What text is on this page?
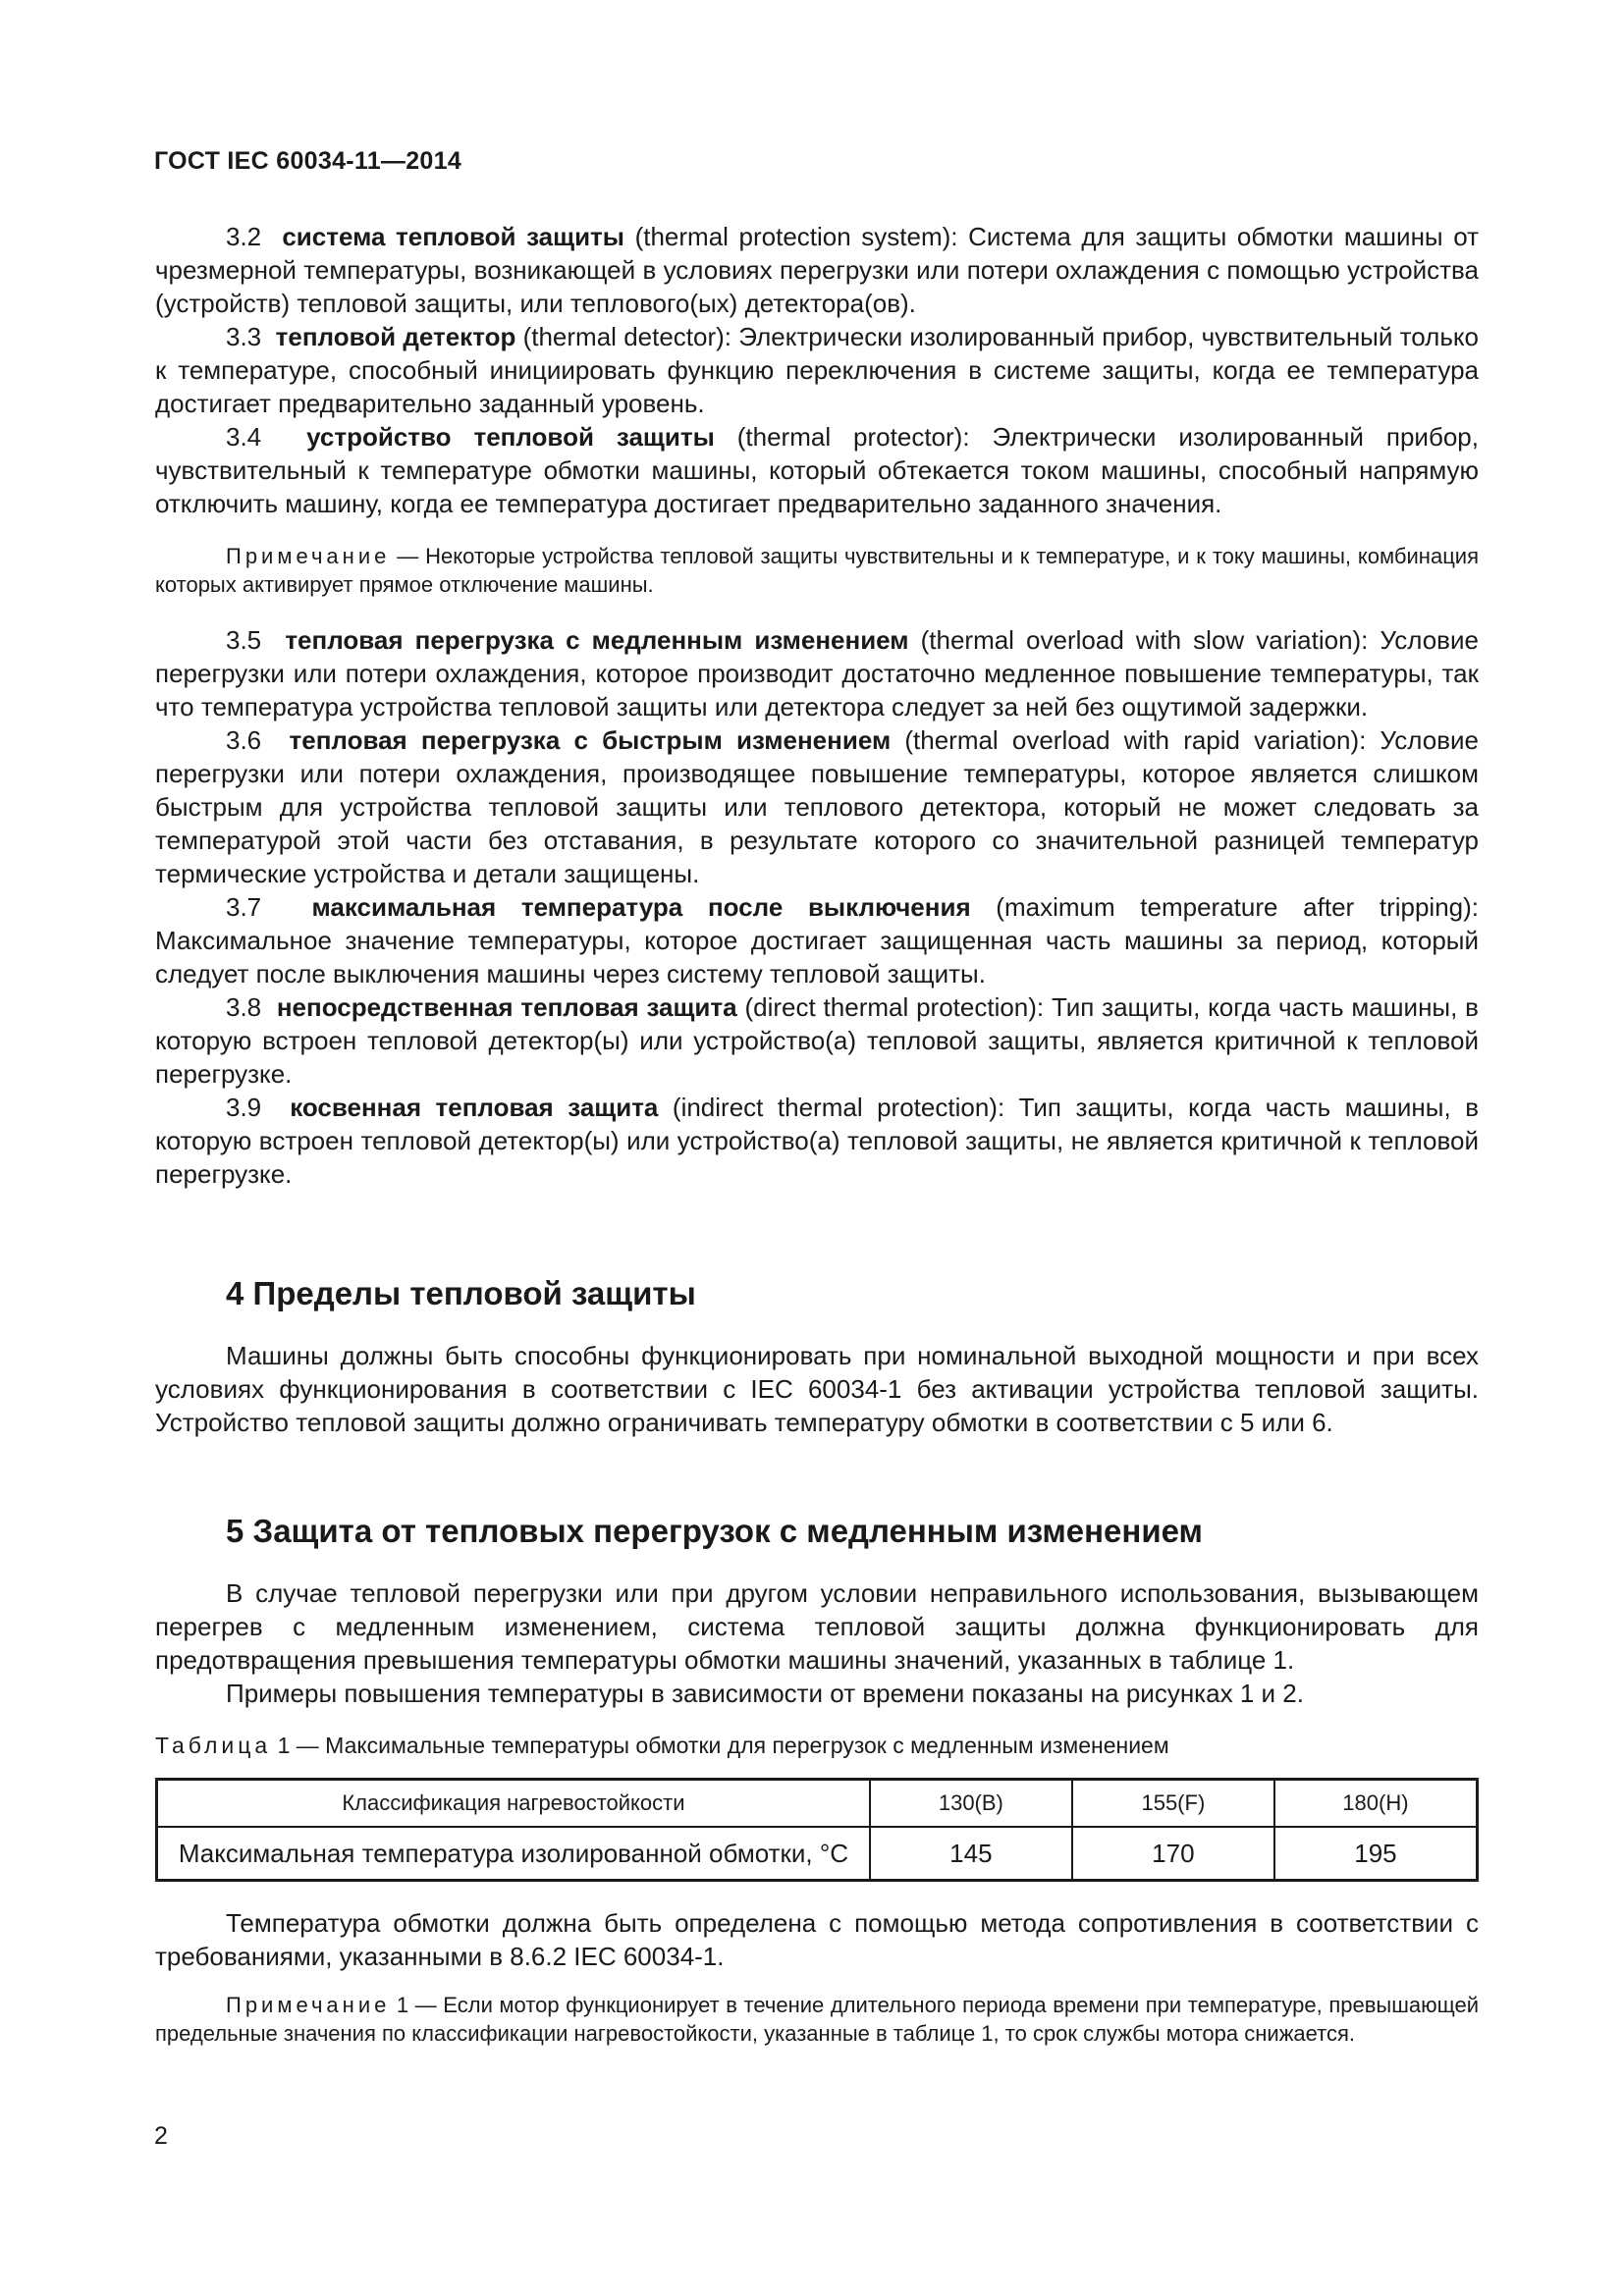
ГОСТ IEC 60034-11—2014

3.2 система тепловой защиты (thermal protection system): Система для защиты обмотки машины от чрезмерной температуры, возникающей в условиях перегрузки или потери охлаждения с помощью устройства (устройств) тепловой защиты, или теплового(ых) детектора(ов).

3.3 тепловой детектор (thermal detector): Электрически изолированный прибор, чувствительный только к температуре, способный инициировать функцию переключения в системе защиты, когда ее температура достигает предварительно заданный уровень.

3.4 устройство тепловой защиты (thermal protector): Электрически изолированный прибор, чувствительный к температуре обмотки машины, который обтекается током машины, способный напрямую отключить машину, когда ее температура достигает предварительно заданного значения.

Примечание — Некоторые устройства тепловой защиты чувствительны и к температуре, и к току машины, комбинация которых активирует прямое отключение машины.

3.5 тепловая перегрузка с медленным изменением (thermal overload with slow variation): Условие перегрузки или потери охлаждения, которое производит достаточно медленное повышение температуры, так что температура устройства тепловой защиты или детектора следует за ней без ощутимой задержки.

3.6 тепловая перегрузка с быстрым изменением (thermal overload with rapid variation): Условие перегрузки или потери охлаждения, производящее повышение температуры, которое является слишком быстрым для устройства тепловой защиты или теплового детектора, который не может следовать за температурой этой части без отставания, в результате которого со значительной разницей температур термические устройства и детали защищены.

3.7 максимальная температура после выключения (maximum temperature after tripping): Максимальное значение температуры, которое достигает защищенная часть машины за период, который следует после выключения машины через систему тепловой защиты.

3.8 непосредственная тепловая защита (direct thermal protection): Тип защиты, когда часть машины, в которую встроен тепловой детектор(ы) или устройство(а) тепловой защиты, является критичной к тепловой перегрузке.

3.9 косвенная тепловая защита (indirect thermal protection): Тип защиты, когда часть машины, в которую встроен тепловой детектор(ы) или устройство(а) тепловой защиты, не является критичной к тепловой перегрузке.

4 Пределы тепловой защиты

Машины должны быть способны функционировать при номинальной выходной мощности и при всех условиях функционирования в соответствии с IEC 60034-1 без активации устройства тепловой защиты. Устройство тепловой защиты должно ограничивать температуру обмотки в соответствии с 5 или 6.

5 Защита от тепловых перегрузок с медленным изменением

В случае тепловой перегрузки или при другом условии неправильного использования, вызывающем перегрев с медленным изменением, система тепловой защиты должна функционировать для предотвращения превышения температуры обмотки машины значений, указанных в таблице 1.

Примеры повышения температуры в зависимости от времени показаны на рисунках 1 и 2.

Таблица 1 — Максимальные температуры обмотки для перегрузок с медленным изменением

Классификация нагревостойкости	130(B)	155(F)	180(H)
Максимальная температура изолированной обмотки, °C	145	170	195

Температура обмотки должна быть определена с помощью метода сопротивления в соответствии с требованиями, указанными в 8.6.2 IEC 60034-1.

Примечание 1 — Если мотор функционирует в течение длительного периода времени при температуре, превышающей предельные значения по классификации нагревостойкости, указанные в таблице 1, то срок службы мотора снижается.

2
